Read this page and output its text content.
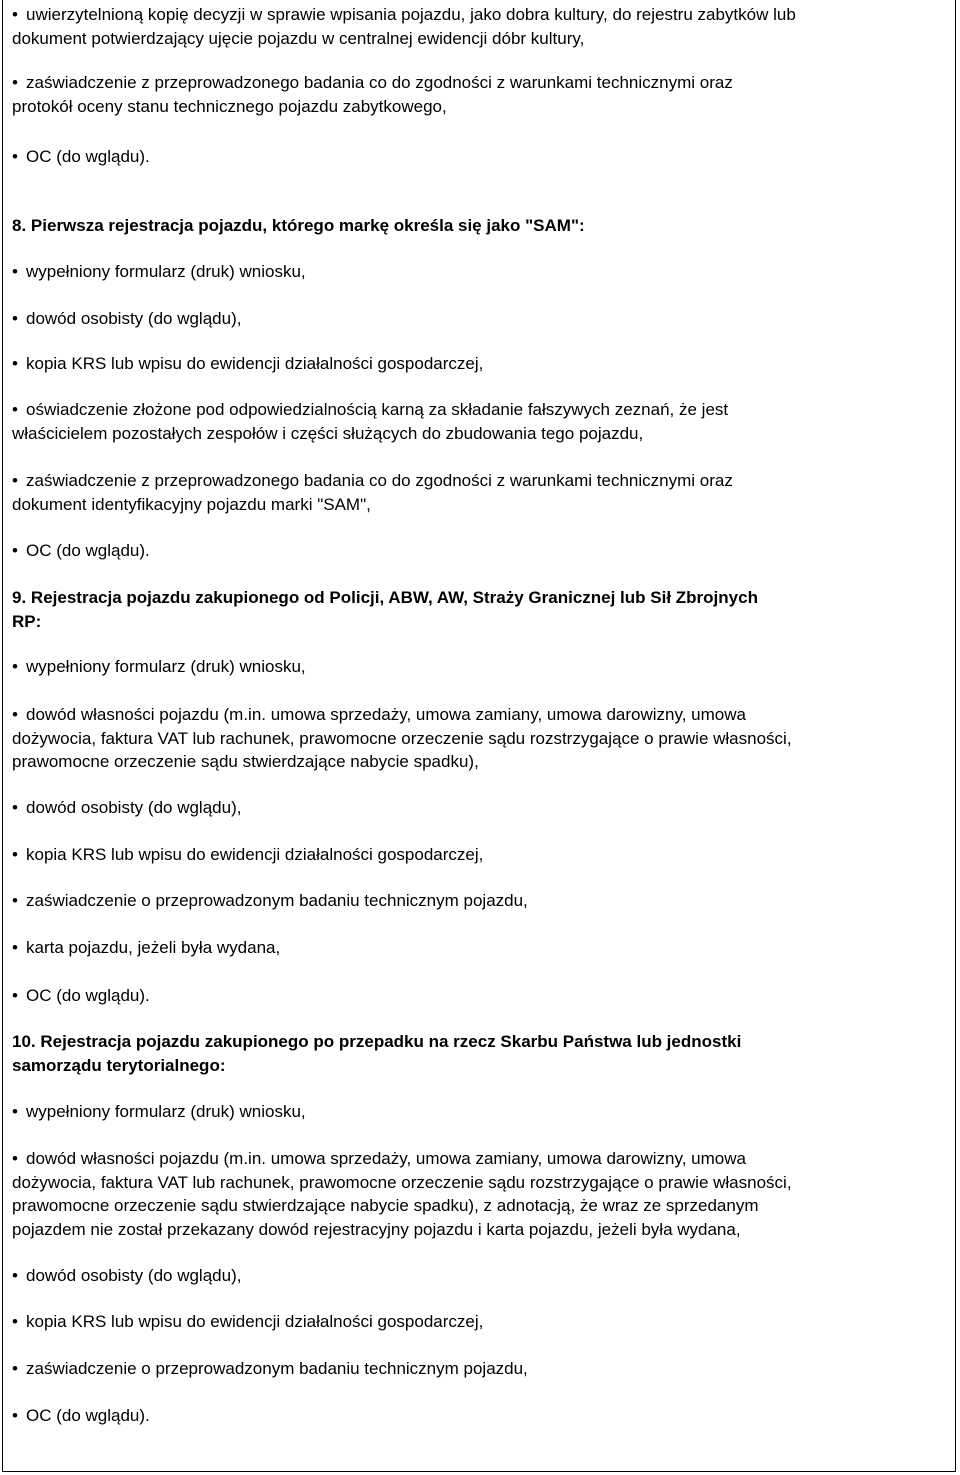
• uwierzytelnioną kopię decyzji w sprawie wpisania pojazdu, jako dobra kultury, do rejestru zabytków lub
dokument potwierdzający ujęcie pojazdu w centralnej ewidencji dóbr kultury,
• zaświadczenie z przeprowadzonego badania co do zgodności z warunkami technicznymi oraz
protokół oceny stanu technicznego pojazdu zabytkowego,
• OC (do wglądu).
8. Pierwsza rejestracja pojazdu, którego markę określa się jako "SAM":
• wypełniony formularz (druk) wniosku,
• dowód osobisty (do wglądu),
• kopia KRS lub wpisu do ewidencji działalności gospodarczej,
• oświadczenie złożone pod odpowiedzialnością karną za składanie fałszywych zeznań, że jest
właścicielem pozostałych zespołów i części służących do zbudowania tego pojazdu,
• zaświadczenie z przeprowadzonego badania co do zgodności z warunkami technicznymi oraz
dokument identyfikacyjny pojazdu marki "SAM",
• OC (do wglądu).
9. Rejestracja pojazdu zakupionego od Policji, ABW, AW, Straży Granicznej lub Sił Zbrojnych
RP:
• wypełniony formularz (druk) wniosku,
• dowód własności pojazdu (m.in. umowa sprzedaży, umowa zamiany, umowa darowizny, umowa
dożywocia, faktura VAT lub rachunek, prawomocne orzeczenie sądu rozstrzygające o prawie własności,
prawomocne orzeczenie sądu stwierdzające nabycie spadku),
• dowód osobisty (do wglądu),
• kopia KRS lub wpisu do ewidencji działalności gospodarczej,
• zaświadczenie o przeprowadzonym badaniu technicznym pojazdu,
• karta pojazdu, jeżeli była wydana,
• OC (do wglądu).
10. Rejestracja pojazdu zakupionego po przepadku na rzecz Skarbu Państwa lub jednostki
samorządu terytorialnego:
• wypełniony formularz (druk) wniosku,
• dowód własności pojazdu (m.in. umowa sprzedaży, umowa zamiany, umowa darowizny, umowa
dożywocia, faktura VAT lub rachunek, prawomocne orzeczenie sądu rozstrzygające o prawie własności,
prawomocne orzeczenie sądu stwierdzające nabycie spadku), z adnotacją, że wraz ze sprzedanym
pojazdem nie został przekazany dowód rejestracyjny pojazdu i karta pojazdu, jeżeli była wydana,
• dowód osobisty (do wglądu),
• kopia KRS lub wpisu do ewidencji działalności gospodarczej,
• zaświadczenie o przeprowadzonym badaniu technicznym pojazdu,
• OC (do wglądu).
